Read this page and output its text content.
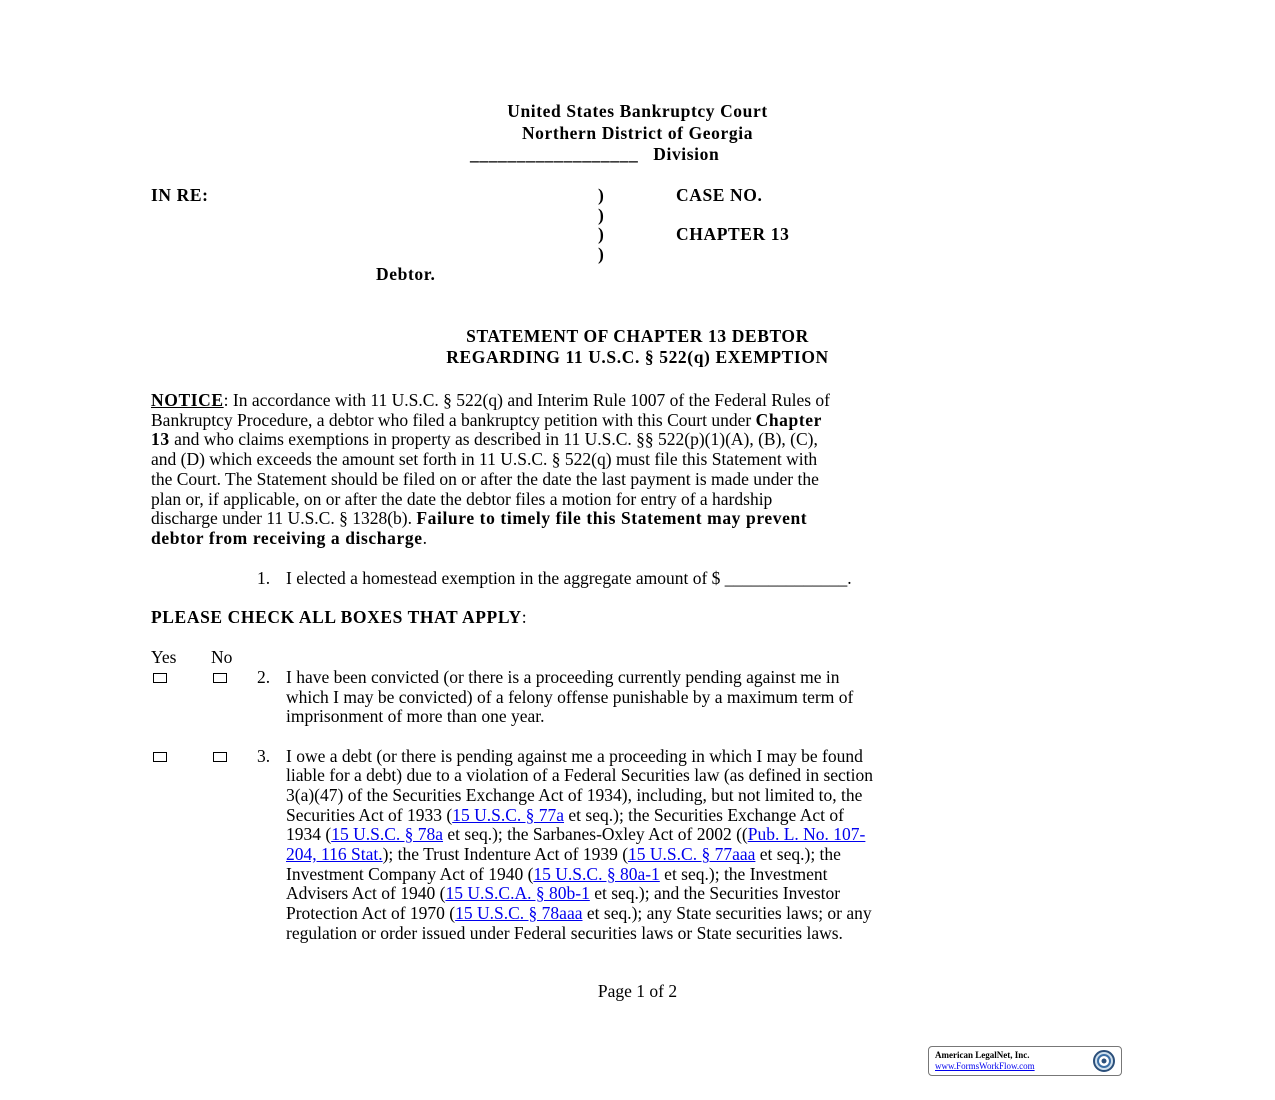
United States Bankruptcy Court
Northern District of Georgia
__________________ Division
IN RE:	)
)
)
)
CASE NO.
CHAPTER 13
Debtor.
STATEMENT OF CHAPTER 13 DEBTOR
REGARDING 11 U.S.C. § 522(q) EXEMPTION
NOTICE: In accordance with 11 U.S.C. § 522(q) and Interim Rule 1007 of the Federal Rules of
Bankruptcy Procedure, a debtor who filed a bankruptcy petition with this Court under Chapter
13 and who claims exemptions in property as described in 11 U.S.C. §§ 522(p)(1)(A), (B), (C),
and (D) which exceeds the amount set forth in 11 U.S.C. § 522(q) must file this Statement with
the Court. The Statement should be filed on or after the date the last payment is made under the
plan or, if applicable, on or after the date the debtor files a motion for entry of a hardship
discharge under 11 U.S.C. § 1328(b). Failure to timely file this Statement may prevent
debtor from receiving a discharge.
1. I elected a homestead exemption in the aggregate amount of $ ______________.
PLEASE CHECK ALL BOXES THAT APPLY:
Yes No
2. I have been convicted (or there is a proceeding currently pending against me in
which I may be convicted) of a felony offense punishable by a maximum term of
imprisonment of more than one year.
3. I owe a debt (or there is pending against me a proceeding in which I may be found
liable for a debt) due to a violation of a Federal Securities law (as defined in section
3(a)(47) of the Securities Exchange Act of 1934), including, but not limited to, the
Securities Act of 1933 (15 U.S.C. § 77a et seq.); the Securities Exchange Act of
1934 (15 U.S.C. § 78a et seq.); the Sarbanes-Oxley Act of 2002 ((Pub. L. No. 107-
204, 116 Stat.); the Trust Indenture Act of 1939 (15 U.S.C. § 77aaa et seq.); the
Investment Company Act of 1940 (15 U.S.C. § 80a-1 et seq.); the Investment
Advisers Act of 1940 (15 U.S.C.A. § 80b-1 et seq.); and the Securities Investor
Protection Act of 1970 (15 U.S.C. § 78aaa et seq.); any State securities laws; or any
regulation or order issued under Federal securities laws or State securities laws.
Page 1 of 2
American LegalNet, Inc.
www.FormsWorkFlow.com
